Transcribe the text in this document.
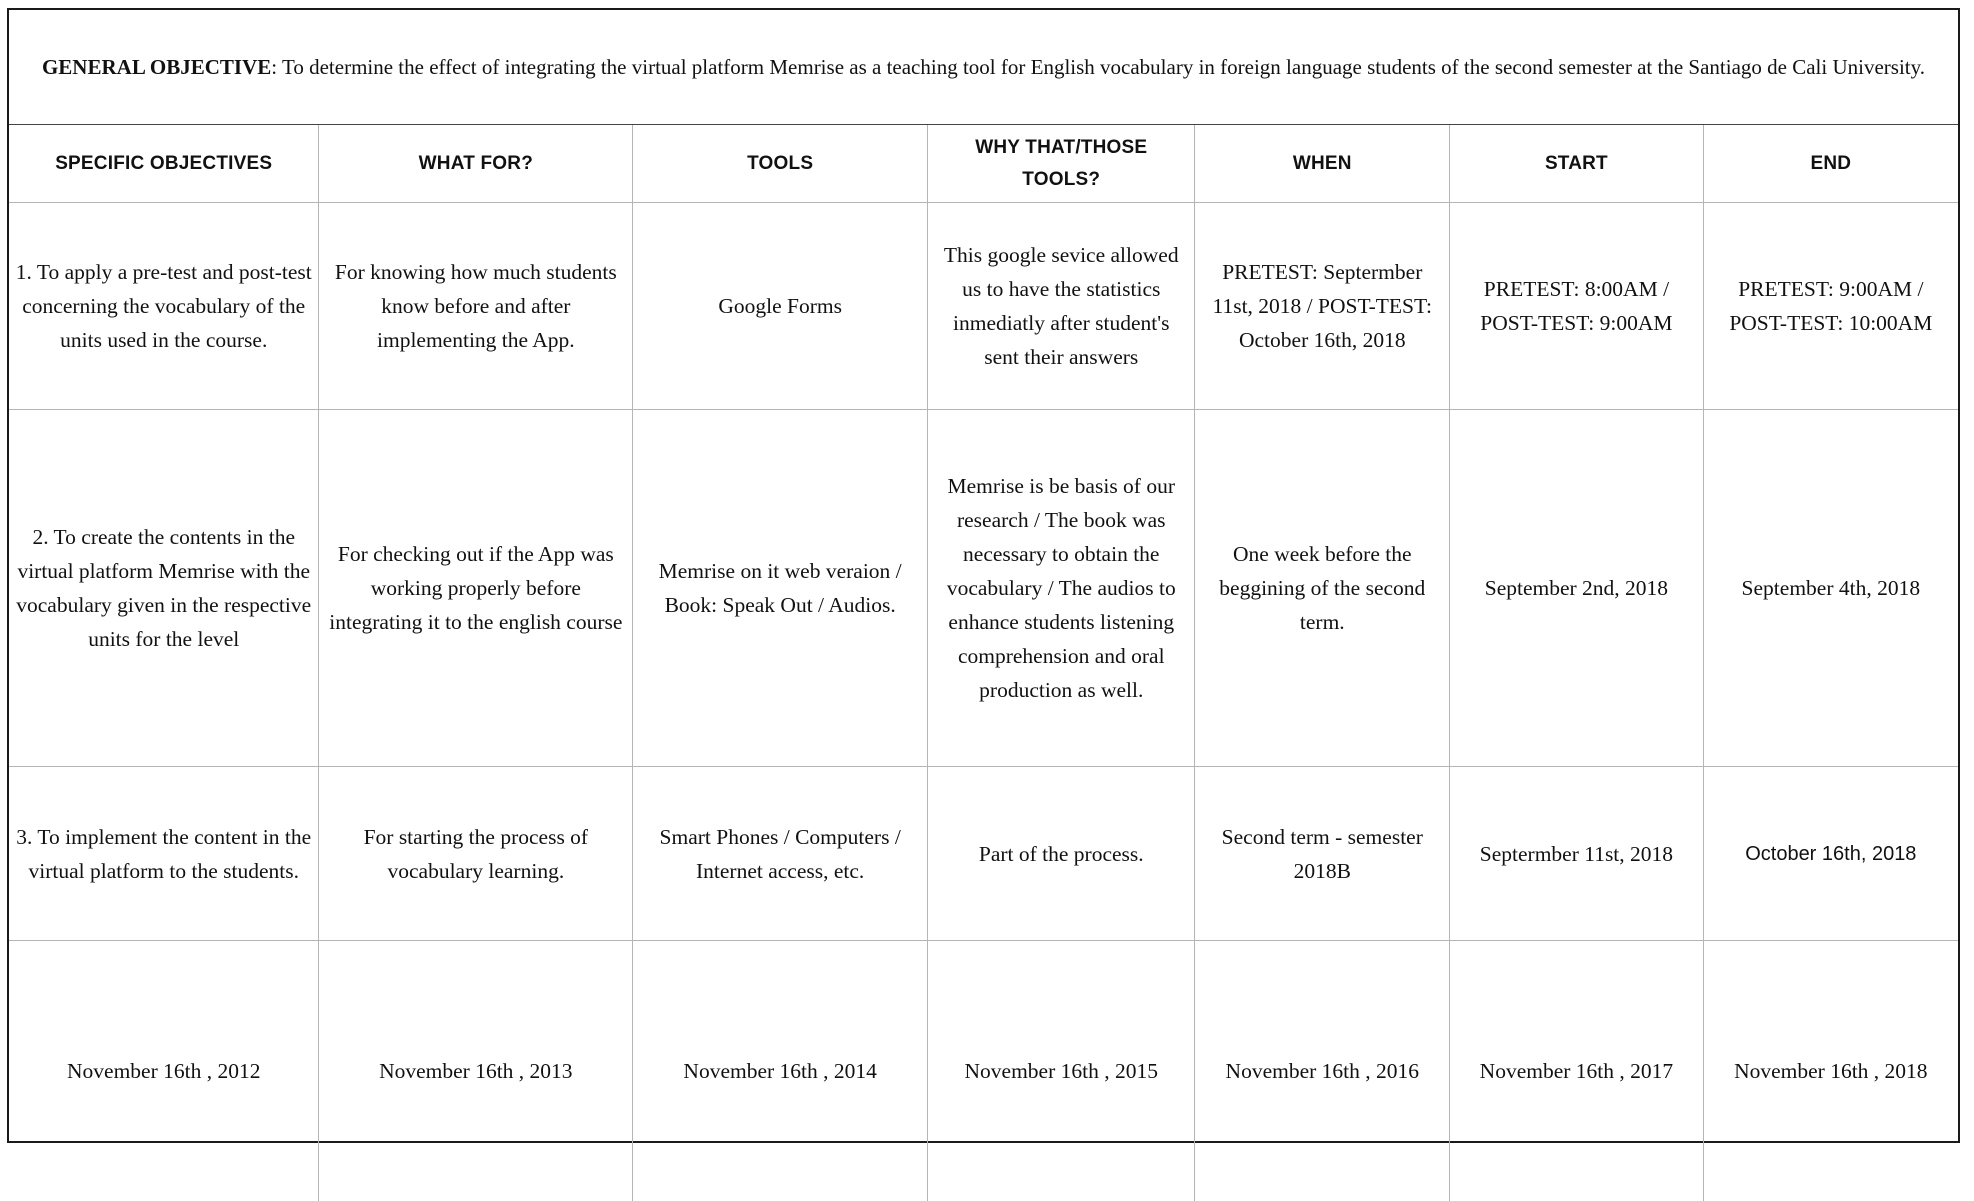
GENERAL OBJECTIVE: To determine the effect of integrating the virtual platform Memrise as a teaching tool for English vocabulary in foreign language students of the second semester at the Santiago de Cali University.						
SPECIFIC OBJECTIVES	WHAT FOR?	TOOLS	WHY THAT/THOSE TOOLS?	WHEN	START	END
1. To apply a pre-test and post-test concerning the vocabulary of the units used in the course.	For knowing how much students know before and after implementing the App.	Google Forms	This google sevice allowed us to have the statistics inmediatly after student's sent their answers	PRETEST: Septermber 11st, 2018 / POST-TEST: October 16th, 2018	PRETEST: 8:00AM / POST-TEST: 9:00AM	PRETEST: 9:00AM / POST-TEST: 10:00AM
2. To create the contents in the virtual platform Memrise with the vocabulary given in the respective units for the level	For checking out if the App was working properly before integrating it to the english course	Memrise on it web veraion / Book: Speak Out / Audios.	Memrise is be basis of our research / The book was necessary to obtain the vocabulary / The audios to enhance students listening comprehension and oral production as well.	One week before the beggining of the second term.	September 2nd, 2018	September 4th, 2018
3. To implement the content in the virtual platform to the students.	For starting the process of vocabulary learning.	Smart Phones / Computers / Internet access, etc.	Part of the process.	Second term - semester 2018B	Septermber 11st, 2018	October 16th, 2018
November 16th , 2012	November 16th , 2013	November 16th , 2014	November 16th , 2015	November 16th , 2016	November 16th , 2017	November 16th , 2018
